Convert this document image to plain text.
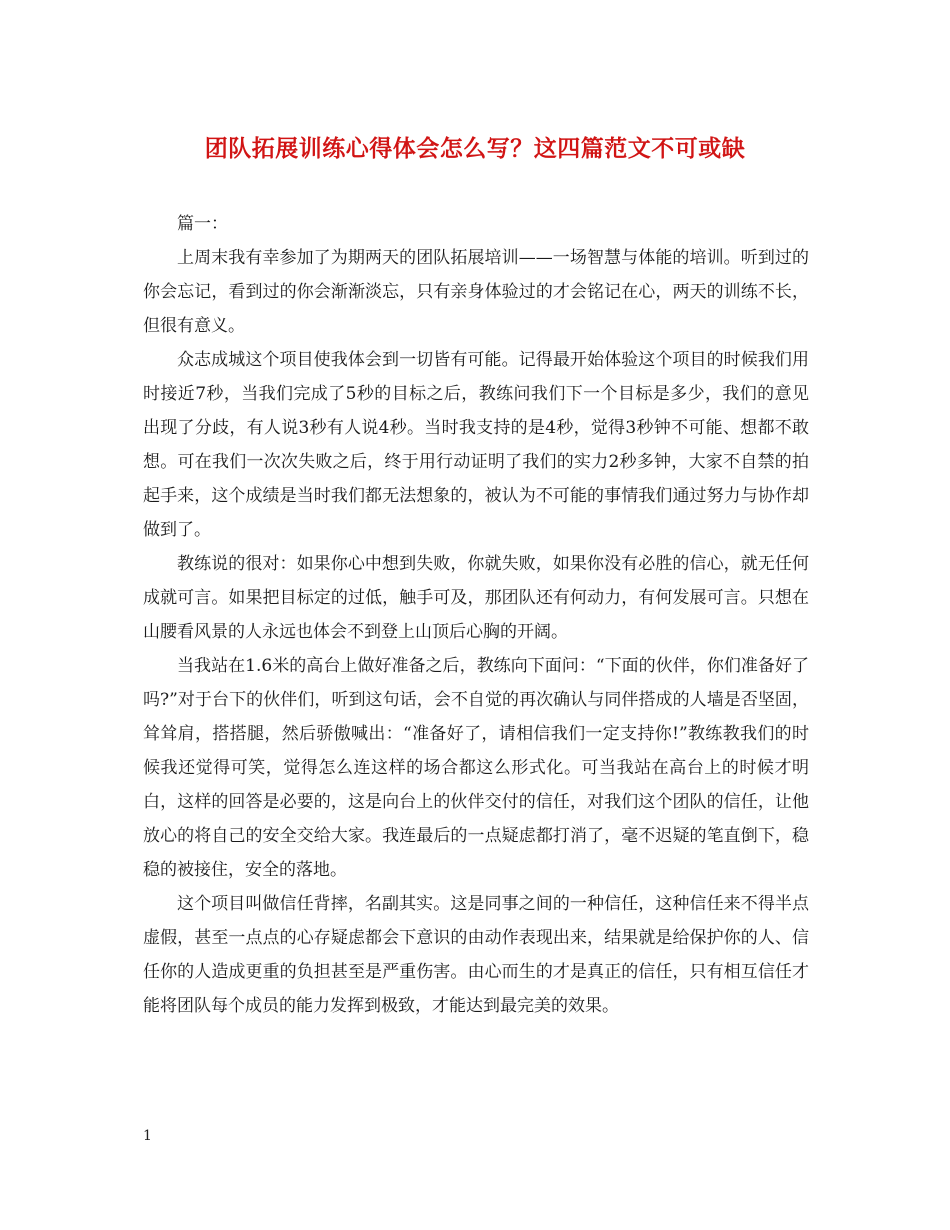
团队拓展训练心得体会怎么写？这四篇范文不可或缺

篇一：

上周末我有幸参加了为期两天的团队拓展培训——一场智慧与体能的培训。听到过的你会忘记，看到过的你会渐渐淡忘，只有亲身体验过的才会铭记在心，两天的训练不长，但很有意义。

众志成城这个项目使我体会到一切皆有可能。记得最开始体验这个项目的时候我们用时接近7秒，当我们完成了5秒的目标之后，教练问我们下一个目标是多少，我们的意见出现了分歧，有人说3秒有人说4秒。当时我支持的是4秒，觉得3秒钟不可能、想都不敢想。可在我们一次次失败之后，终于用行动证明了我们的实力2秒多钟，大家不自禁的拍起手来，这个成绩是当时我们都无法想象的，被认为不可能的事情我们通过努力与协作却做到了。

教练说的很对：如果你心中想到失败，你就失败，如果你没有必胜的信心，就无任何成就可言。如果把目标定的过低，触手可及，那团队还有何动力，有何发展可言。只想在山腰看风景的人永远也体会不到登上山顶后心胸的开阔。

当我站在1.6米的高台上做好准备之后，教练向下面问：“下面的伙伴，你们准备好了吗?”对于台下的伙伴们，听到这句话，会不自觉的再次确认与同伴搭成的人墙是否坚固，耸耸肩，搭搭腿，然后骄傲喊出：“准备好了，请相信我们一定支持你!”教练教我们的时候我还觉得可笑，觉得怎么连这样的场合都这么形式化。可当我站在高台上的时候才明白，这样的回答是必要的，这是向台上的伙伴交付的信任，对我们这个团队的信任，让他放心的将自己的安全交给大家。我连最后的一点疑虑都打消了，毫不迟疑的笔直倒下，稳稳的被接住，安全的落地。

这个项目叫做信任背摔，名副其实。这是同事之间的一种信任，这种信任来不得半点虚假，甚至一点点的心存疑虑都会下意识的由动作表现出来，结果就是给保护你的人、信任你的人造成更重的负担甚至是严重伤害。由心而生的才是真正的信任，只有相互信任才能将团队每个成员的能力发挥到极致，才能达到最完美的效果。

1
